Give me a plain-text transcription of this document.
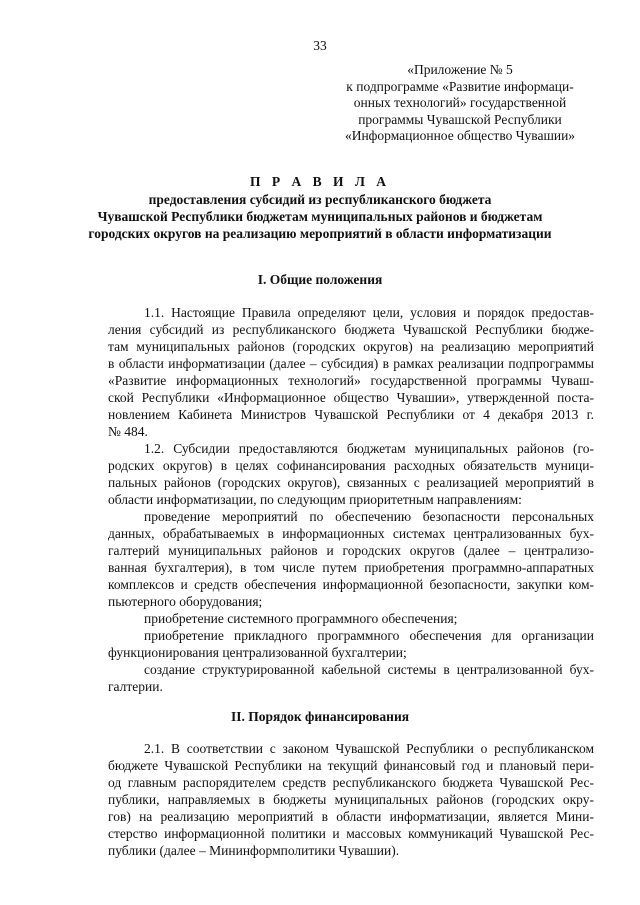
33
«Приложение № 5
к подпрограмме «Развитие информаци-
онных технологий» государственной
программы Чувашской Республики
«Информационное общество Чувашии»
П Р А В И Л А
предоставления субсидий из республиканского бюджета
Чувашской Республики бюджетам муниципальных районов и бюджетам
городских округов на реализацию мероприятий в области информатизации
I. Общие положения
1.1. Настоящие Правила определяют цели, условия и порядок предостав-
ления субсидий из республиканского бюджета Чувашской Республики бюдже-
там муниципальных районов (городских округов) на реализацию мероприятий
в области информатизации (далее – субсидия) в рамках реализации подпрограммы
«Развитие информационных технологий» государственной программы Чуваш-
ской Республики «Информационное общество Чувашии», утвержденной поста-
новлением Кабинета Министров Чувашской Республики от 4 декабря 2013 г.
№ 484.
1.2. Субсидии предоставляются бюджетам муниципальных районов (го-
родских округов) в целях софинансирования расходных обязательств муници-
пальных районов (городских округов), связанных с реализацией мероприятий в
области информатизации, по следующим приоритетным направлениям:
проведение мероприятий по обеспечению безопасности персональных
данных, обрабатываемых в информационных системах централизованных бух-
галтерий муниципальных районов и городских округов (далее – централизо-
ванная бухгалтерия), в том числе путем приобретения программно-аппаратных
комплексов и средств обеспечения информационной безопасности, закупки ком-
пьютерного оборудования;
приобретение системного программного обеспечения;
приобретение прикладного программного обеспечения для организации
функционирования централизованной бухгалтерии;
создание структурированной кабельной системы в централизованной бух-
галтерии.
II. Порядок финансирования
2.1. В соответствии с законом Чувашской Республики о республиканском
бюджете Чувашской Республики на текущий финансовый год и плановый пери-
од главным распорядителем средств республиканского бюджета Чувашской Рес-
публики, направляемых в бюджеты муниципальных районов (городских окру-
гов) на реализацию мероприятий в области информатизации, является Мини-
стерство информационной политики и массовых коммуникаций Чувашской Рес-
публики (далее – Mининформполитики Чувашии).
